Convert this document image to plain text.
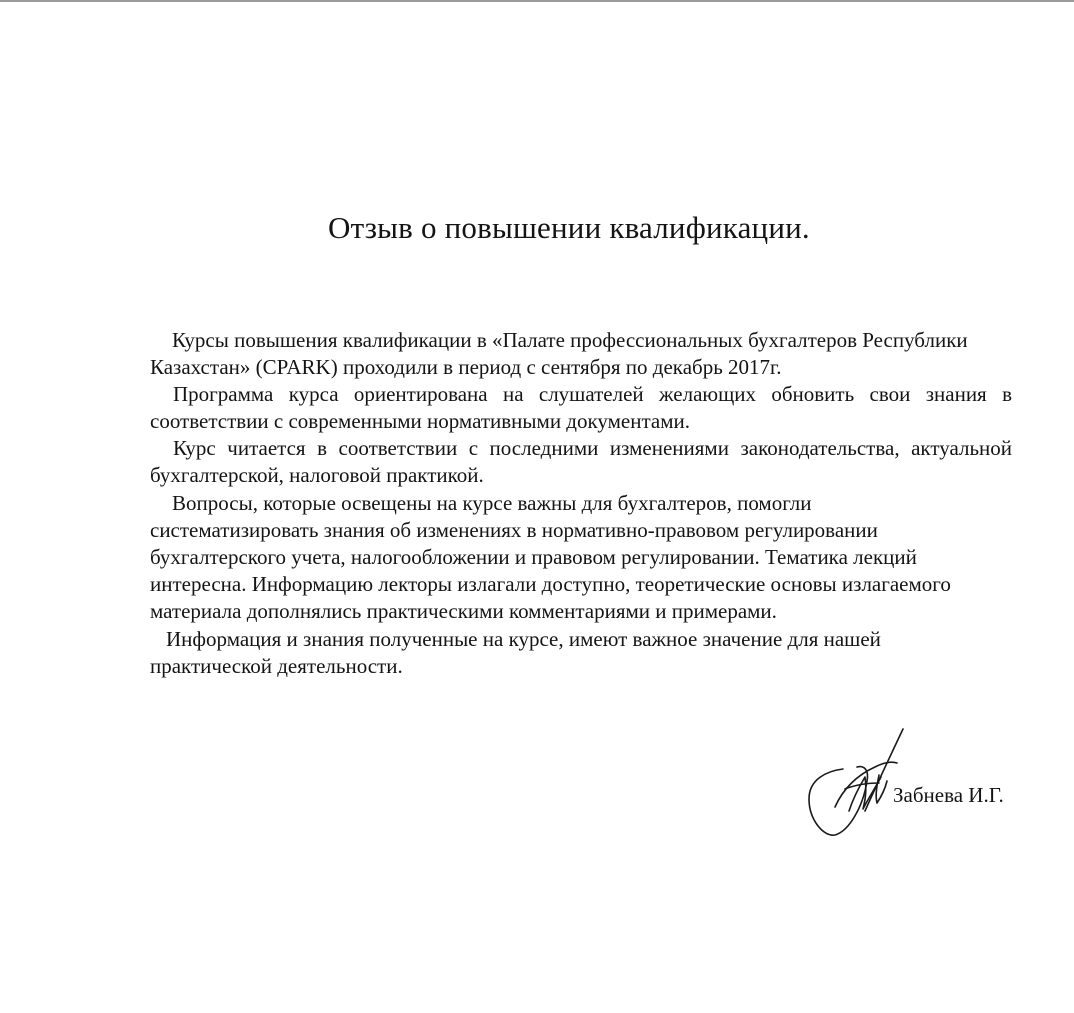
Отзыв о повышении квалификации.
Курсы повышения квалификации в «Палате профессиональных бухгалтеров Республики
Казахстан» (CPARK) проходили в период с сентября по декабрь 2017г.

Программа курса ориентирована на слушателей желающих обновить свои знания в соответствии с современными нормативными документами.

Курс читается в соответствии с последними изменениями законодательства, актуальной бухгалтерской, налоговой практикой.

Вопросы, которые освещены на курсе важны для бухгалтеров, помогли
систематизировать знания об изменениях в нормативно-правовом регулировании
бухгалтерского учета, налогообложении и правовом регулировании. Тематика лекций
интересна. Информацию лекторы излагали доступно, теоретические основы излагаемого
материала дополнялись практическими комментариями и примерами.
Информация и знания полученные на курсе, имеют важное значение для нашей
практической деятельности.
Забнева И.Г.
